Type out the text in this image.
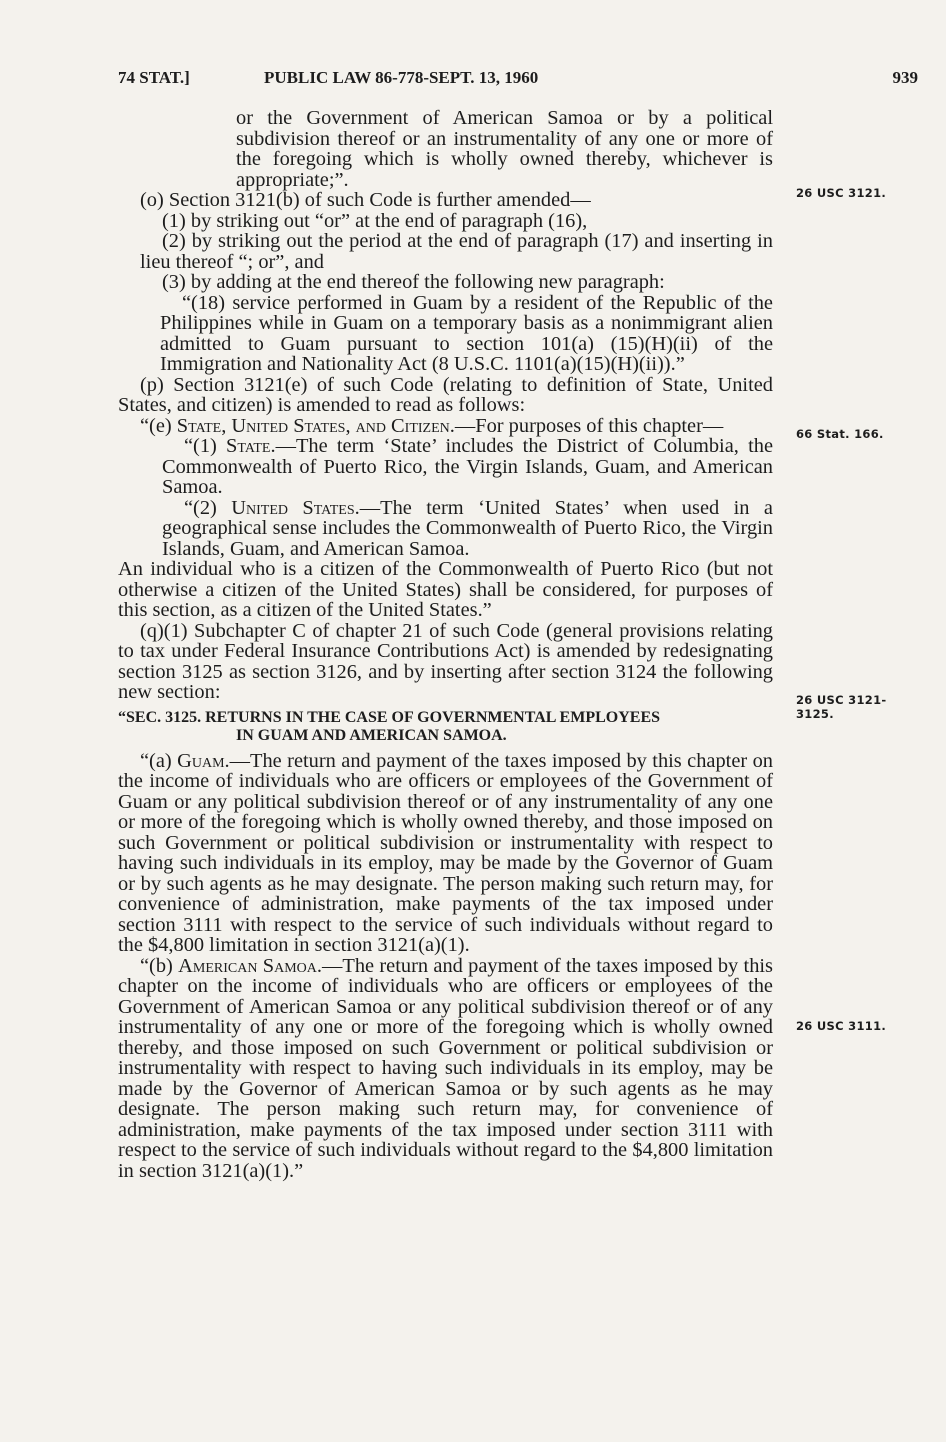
74 STAT.]	PUBLIC LAW 86-778-SEPT. 13, 1960	939
26 USC 3121.
66 Stat. 166.
26 USC 3121-
3125.
26 USC 3111.

or the Government of American Samoa or by a political subdivision thereof or an instrumentality of any one or more of the foregoing which is wholly owned thereby, whichever is appropriate;”.

(o) Section 3121(b) of such Code is further amended—

(1) by striking out “or” at the end of paragraph (16),

(2) by striking out the period at the end of paragraph (17) and inserting in lieu thereof “; or”, and

(3) by adding at the end thereof the following new paragraph:

“(18) service performed in Guam by a resident of the Republic of the Philippines while in Guam on a temporary basis as a nonimmigrant alien admitted to Guam pursuant to section 101(a) (15)(H)(ii) of the Immigration and Nationality Act (8 U.S.C. 1101(a)(15)(H)(ii)).”

(p) Section 3121(e) of such Code (relating to definition of State, United States, and citizen) is amended to read as follows:

“(e) State, United States, and Citizen.—For purposes of this chapter—

“(1) State.—The term ‘State’ includes the District of Columbia, the Commonwealth of Puerto Rico, the Virgin Islands, Guam, and American Samoa.

“(2) United States.—The term ‘United States’ when used in a geographical sense includes the Commonwealth of Puerto Rico, the Virgin Islands, Guam, and American Samoa.

An individual who is a citizen of the Commonwealth of Puerto Rico (but not otherwise a citizen of the United States) shall be considered, for purposes of this section, as a citizen of the United States.”

(q)(1) Subchapter C of chapter 21 of such Code (general provisions relating to tax under Federal Insurance Contributions Act) is amended by redesignating section 3125 as section 3126, and by inserting after section 3124 the following new section:

“SEC. 3125. RETURNS IN THE CASE OF GOVERNMENTAL EMPLOYEES
IN GUAM AND AMERICAN SAMOA.

“(a) Guam.—The return and payment of the taxes imposed by this chapter on the income of individuals who are officers or employees of the Government of Guam or any political subdivision thereof or of any instrumentality of any one or more of the foregoing which is wholly owned thereby, and those imposed on such Government or political subdivision or instrumentality with respect to having such individuals in its employ, may be made by the Governor of Guam or by such agents as he may designate. The person making such return may, for convenience of administration, make payments of the tax imposed under section 3111 with respect to the service of such individuals without regard to the $4,800 limitation in section 3121(a)(1).

“(b) American Samoa.—The return and payment of the taxes imposed by this chapter on the income of individuals who are officers or employees of the Government of American Samoa or any political subdivision thereof or of any instrumentality of any one or more of the foregoing which is wholly owned thereby, and those imposed on such Government or political subdivision or instrumentality with respect to having such individuals in its employ, may be made by the Governor of American Samoa or by such agents as he may designate. The person making such return may, for convenience of administration, make payments of the tax imposed under section 3111 with respect to the service of such individuals without regard to the $4,800 limitation in section 3121(a)(1).”
